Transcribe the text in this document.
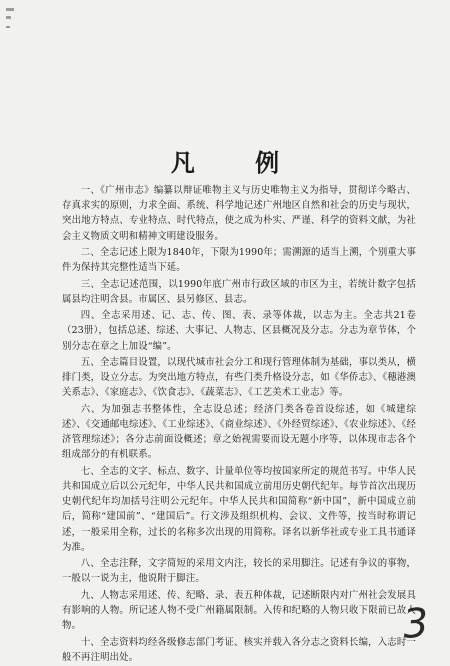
凡 例

一、《广州市志》编纂以辩证唯物主义与历史唯物主义为指导，贯彻详今略古、存真求实的原则，力求全面、系统、科学地记述广州地区自然和社会的历史与现状，突出地方特点、专业特点、时代特点，使之成为朴实、严谨、科学的资料文献，为社会主义物质文明和精神文明建设服务。

二、全志记述上限为1840年，下限为1990年；需溯源的适当上溯，个别重大事件为保持其完整性适当下延。

三、全志记述范围，以1990年底广州市行政区域的市区为主，若统计数字包括属县均注明含县。市属区、县另修区、县志。

四、全志采用述、记、志、传、图、表、录等体裁，以志为主。全志共21卷（23册），包括总述、综述、大事记、人物志、区县概况及分志。分志为章节体，个别分志在章之上加设“编”。

五、全志篇目设置，以现代城市社会分工和现行管理体制为基础，事以类从，横排门类，设立分志。为突出地方特点，有些门类升格设分志，如《华侨志》、《穗港澳关系志》、《家庭志》、《饮食志》、《蔬菜志》、《工艺美术工业志》等。

六、为加强志书整体性，全志设总述；经济门类各卷首设综述，如《城建综述》、《交通邮电综述》、《工业综述》、《商业综述》、《外经贸综述》、《农业综述》、《经济管理综述》；各分志前面设概述；章之始视需要而设无题小序等，以体现市志各个组成部分的有机联系。

七、全志的文字、标点、数字、计量单位等均按国家所定的规范书写。中华人民共和国成立后以公元纪年，中华人民共和国成立前用历史朝代纪年。每节首次出现历史朝代纪年均加括号注明公元纪年。中华人民共和国简称“新中国”，新中国成立前后，简称“建国前”、“建国后”。行文涉及组织机构、会议、文件等，按当时称谓记述，一般采用全称，过长的名称多次出现的用简称。译名以新华社或专业工具书通译为准。

八、全志注释，文字简短的采用文内注，较长的采用脚注。记述有争议的事物，一般以一说为主，他说附于脚注。

九、人物志采用述、传、纪略、录、表五种体裁，记述断限内对广州社会发展具有影响的人物。所记述人物不受广州籍属限制。入传和纪略的人物只收下限前已故人物。

十、全志资料均经各级修志部门考证、核实并载入各分志之资料长编，入志时一般不再注明出处。

3
